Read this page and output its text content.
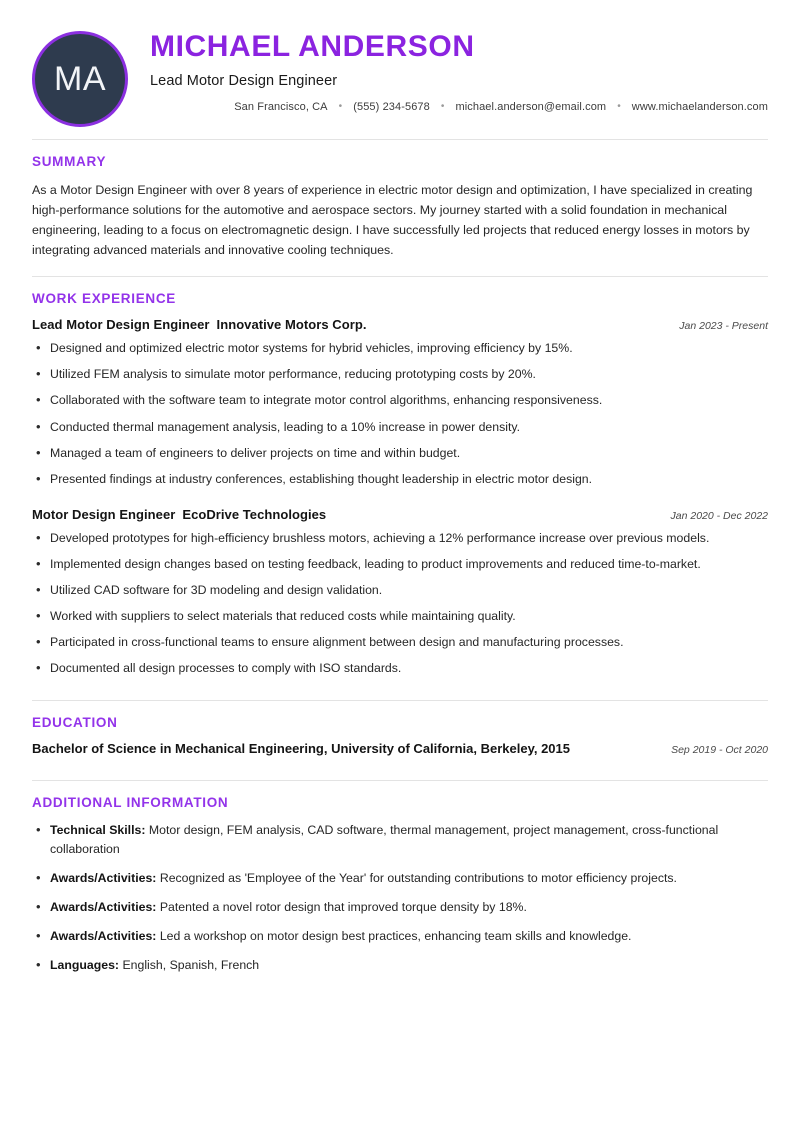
MA
MICHAEL ANDERSON
Lead Motor Design Engineer
San Francisco, CA • (555) 234-5678 • michael.anderson@email.com • www.michaelanderson.com
SUMMARY

As a Motor Design Engineer with over 8 years of experience in electric motor design and optimization, I have specialized in creating high-performance solutions for the automotive and aerospace sectors. My journey started with a solid foundation in mechanical engineering, leading to a focus on electromagnetic design. I have successfully led projects that reduced energy losses in motors by integrating advanced materials and innovative cooling techniques.

WORK EXPERIENCE
Lead Motor Design Engineer Innovative Motors Corp.	Jan 2023 - Present
• Designed and optimized electric motor systems for hybrid vehicles, improving efficiency by 15%.
• Utilized FEM analysis to simulate motor performance, reducing prototyping costs by 20%.
• Collaborated with the software team to integrate motor control algorithms, enhancing responsiveness.
• Conducted thermal management analysis, leading to a 10% increase in power density.
• Managed a team of engineers to deliver projects on time and within budget.
• Presented findings at industry conferences, establishing thought leadership in electric motor design.
Motor Design Engineer EcoDrive Technologies	Jan 2020 - Dec 2022
• Developed prototypes for high-efficiency brushless motors, achieving a 12% performance increase over previous models.
• Implemented design changes based on testing feedback, leading to product improvements and reduced time-to-market.
• Utilized CAD software for 3D modeling and design validation.
• Worked with suppliers to select materials that reduced costs while maintaining quality.
• Participated in cross-functional teams to ensure alignment between design and manufacturing processes.
• Documented all design processes to comply with ISO standards.
EDUCATION
Bachelor of Science in Mechanical Engineering, University of California, Berkeley, 2015	Sep 2019 - Oct 2020
ADDITIONAL INFORMATION
• Technical Skills: Motor design, FEM analysis, CAD software, thermal management, project management, cross-functional collaboration
• Awards/Activities: Recognized as 'Employee of the Year' for outstanding contributions to motor efficiency projects.
• Awards/Activities: Patented a novel rotor design that improved torque density by 18%.
• Awards/Activities: Led a workshop on motor design best practices, enhancing team skills and knowledge.
• Languages: English, Spanish, French
